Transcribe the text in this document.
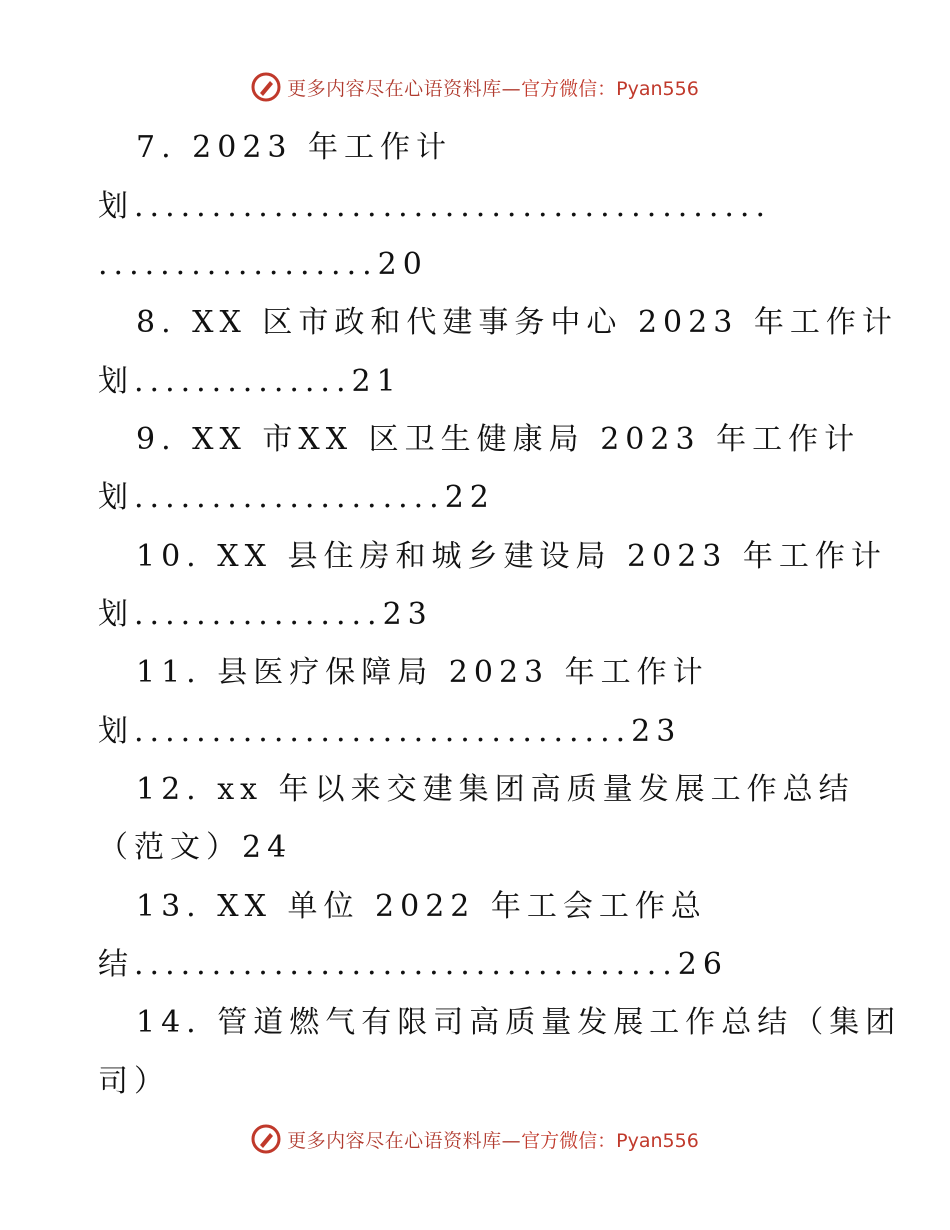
更多内容尽在心语资料库— 官方微信：Pyan556
7. 2023 年工作计
划.........................................
..................20
8. XX 区市政和代建事务中心 2023 年工作计
划..............21
9. XX 市XX 区卫生健康局 2023 年工作计
划....................22
10. XX 县住房和城乡建设局 2023 年工作计
划................23
11. 县医疗保障局 2023 年工作计
划................................23
12. xx 年以来交建集团高质量发展工作总结
（范文）24
13. XX 单位 2022 年工会工作总
结...................................26
14. 管道燃气有限司高质量发展工作总结（集团
司）
更多内容尽在心语资料库— 官方微信：Pyan556
